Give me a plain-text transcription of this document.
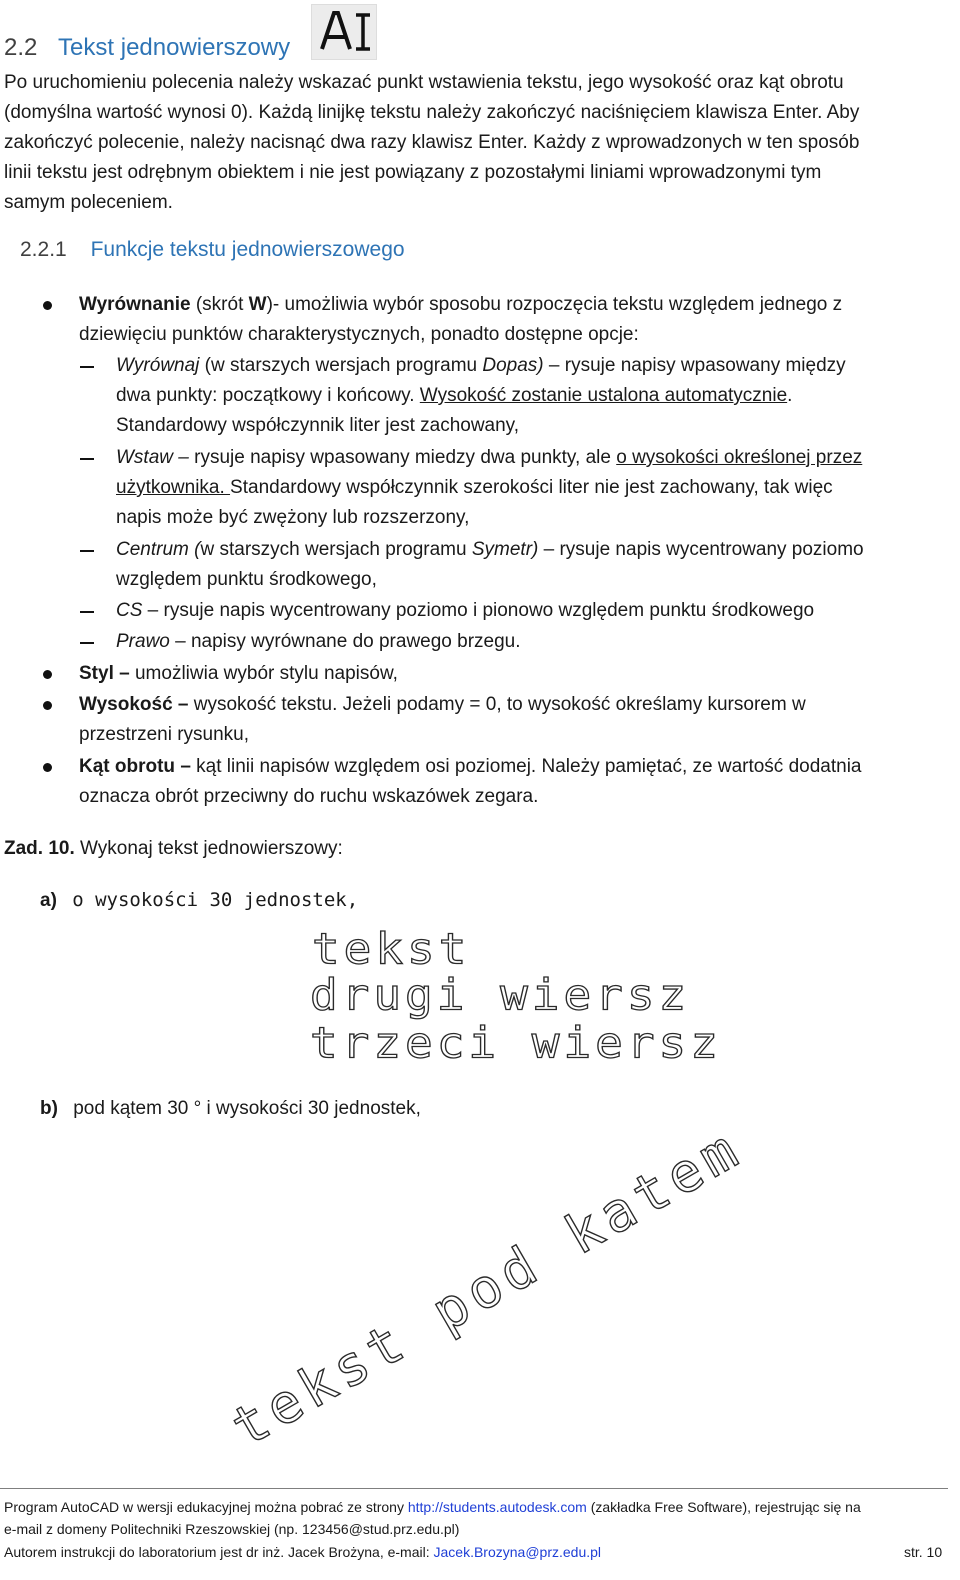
2.2 Tekst jednowierszowy
Po uruchomieniu polecenia należy wskazać punkt wstawienia tekstu, jego wysokość oraz kąt obrotu
(domyślna wartość wynosi 0). Każdą linijkę tekstu należy zakończyć naciśnięciem klawisza Enter. Aby
zakończyć polecenie, należy nacisnąć dwa razy klawisz Enter. Każdy z wprowadzonych w ten sposób
linii tekstu jest odrębnym obiektem i nie jest powiązany z pozostałymi liniami wprowadzonymi tym
samym poleceniem.
2.2.1 Funkcje tekstu jednowierszowego
Wyrównanie (skrót W)- umożliwia wybór sposobu rozpoczęcia tekstu względem jednego z
dziewięciu punktów charakterystycznych, ponadto dostępne opcje:
Wyrównaj (w starszych wersjach programu Dopas) – rysuje napisy wpasowany między
dwa punkty: początkowy i końcowy. Wysokość zostanie ustalona automatycznie.
Standardowy współczynnik liter jest zachowany,
Wstaw – rysuje napisy wpasowany miedzy dwa punkty, ale o wysokości określonej przez
użytkownika. Standardowy współczynnik szerokości liter nie jest zachowany, tak więc
napis może być zwężony lub rozszerzony,
Centrum (w starszych wersjach programu Symetr) – rysuje napis wycentrowany poziomo
względem punktu środkowego,
CS – rysuje napis wycentrowany poziomo i pionowo względem punktu środkowego
Prawo – napisy wyrównane do prawego brzegu.
Styl – umożliwia wybór stylu napisów,
Wysokość – wysokość tekstu. Jeżeli podamy = 0, to wysokość określamy kursorem w
przestrzeni rysunku,
Kąt obrotu – kąt linii napisów względem osi poziomej. Należy pamiętać, ze wartość dodatnia
oznacza obrót przeciwny do ruchu wskazówek zegara.
Zad. 10. Wykonaj tekst jednowierszowy:
a) o wysokości 30 jednostek,
tekst
drugi wiersz
trzeci wiersz
b) pod kątem 30 ° i wysokości 30 jednostek,
tekst pod katem
Program AutoCAD w wersji edukacyjnej można pobrać ze strony http://students.autodesk.com (zakładka Free Software), rejestrując się na
e-mail z domeny Politechniki Rzeszowskiej (np. 123456@stud.prz.edu.pl)
Autorem instrukcji do laboratorium jest dr inż. Jacek Brożyna, e-mail: Jacek.Brozyna@prz.edu.pl	str. 10
